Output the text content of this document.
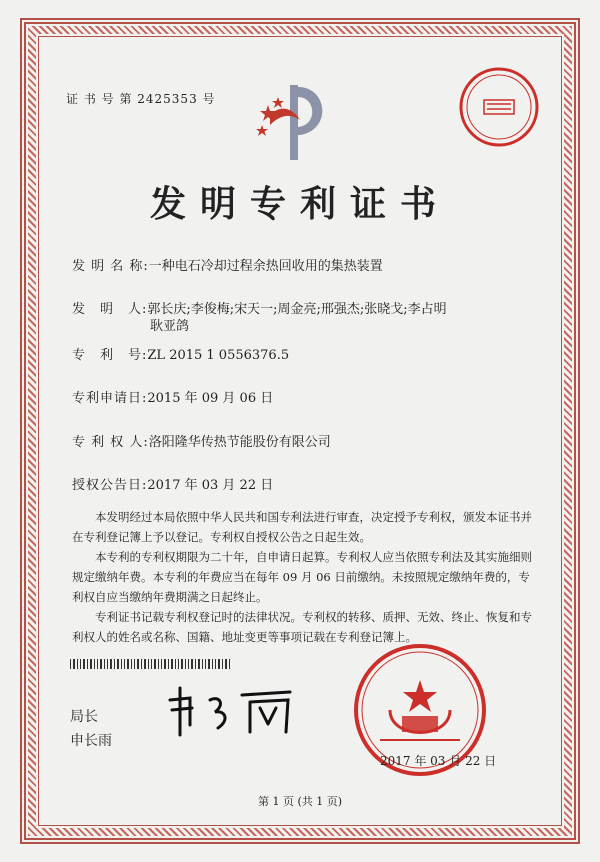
证 书 号 第 2425353 号
发明专利证书
发 明 名 称:一种电石冷却过程余热回收用的集热装置
发　明　人:郭长庆;李俊梅;宋天一;周金亮;邢强杰;张晓戈;李占明
耿亚鸽
专　利　号:ZL 2015 1 0556376.5
专利申请日:2015 年 09 月 06 日
专 利 权 人:洛阳隆华传热节能股份有限公司
授权公告日:2017 年 03 月 22 日

本发明经过本局依照中华人民共和国专利法进行审查，决定授予专利权，颁发本证书并在专利登记簿上予以登记。专利权自授权公告之日起生效。

本专利的专利权期限为二十年，自申请日起算。专利权人应当依照专利法及其实施细则规定缴纳年费。本专利的年费应当在每年 09 月 06 日前缴纳。未按照规定缴纳年费的，专利权自应当缴纳年费期满之日起终止。

专利证书记载专利权登记时的法律状况。专利权的转移、质押、无效、终止、恢复和专利权人的姓名或名称、国籍、地址变更等事项记载在专利登记簿上。

局长
申长雨
2017 年 03 月 22 日
第 1 页 (共 1 页)
